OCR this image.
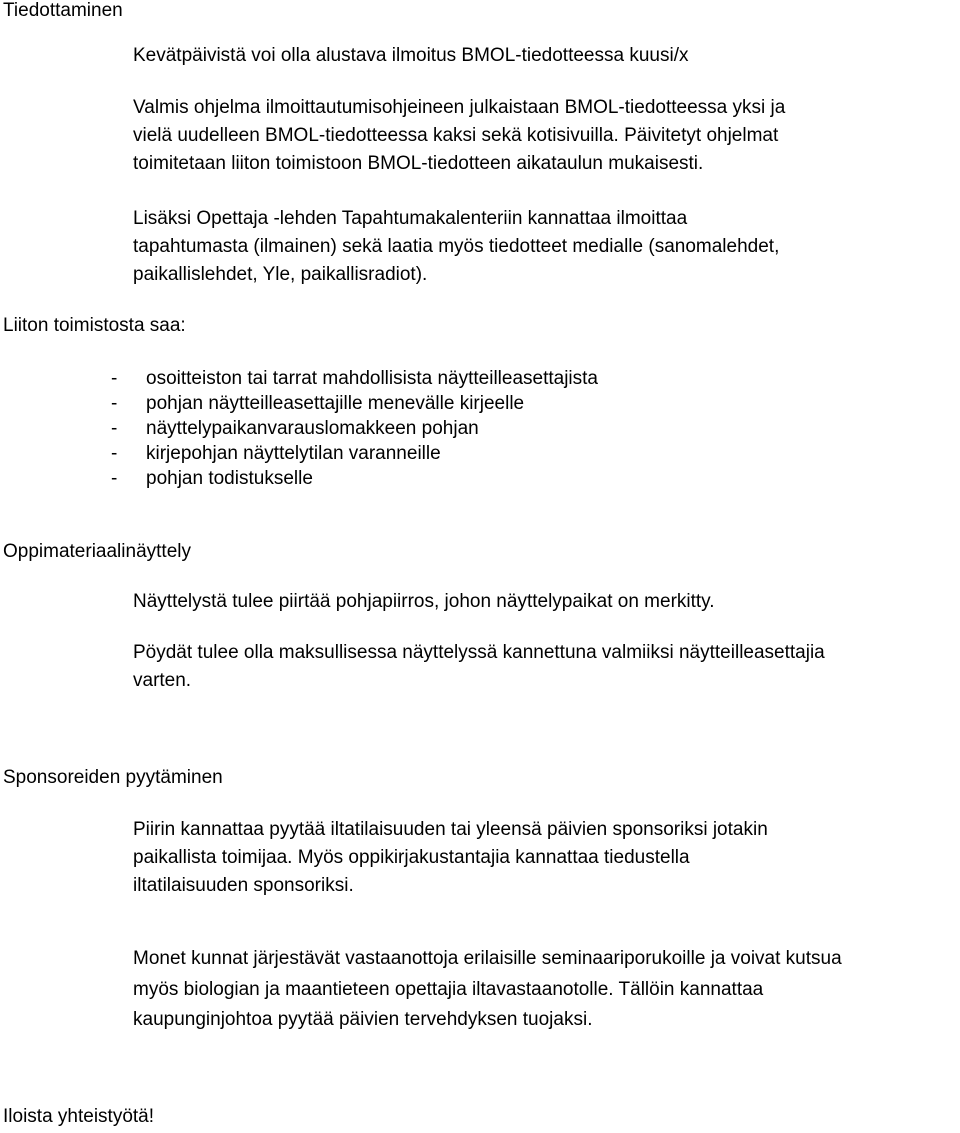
Tiedottaminen
Kevätpäivistä voi olla alustava ilmoitus BMOL-tiedotteessa kuusi/x
Valmis ohjelma ilmoittautumisohjeineen julkaistaan BMOL-tiedotteessa yksi ja
vielä uudelleen BMOL-tiedotteessa kaksi sekä kotisivuilla. Päivitetyt ohjelmat
toimitetaan liiton toimistoon BMOL-tiedotteen aikataulun mukaisesti.
Lisäksi Opettaja -lehden Tapahtumakalenteriin kannattaa ilmoittaa
tapahtumasta (ilmainen) sekä laatia myös tiedotteet medialle (sanomalehdet,
paikallislehdet, Yle, paikallisradiot).
Liiton toimistosta saa:
- osoitteiston tai tarrat mahdollisista näytteilleasettajista
- pohjan näytteilleasettajille menevälle kirjeelle
- näyttelypaikanvarauslomakkeen pohjan
- kirjepohjan näyttelytilan varanneille
- pohjan todistukselle
Oppimateriaalinäyttely
Näyttelystä tulee piirtää pohjapiirros, johon näyttelypaikat on merkitty.
Pöydät tulee olla maksullisessa näyttelyssä kannettuna valmiiksi näytteilleasettajia
varten.
Sponsoreiden pyytäminen
Piirin kannattaa pyytää iltatilaisuuden tai yleensä päivien sponsoriksi jotakin
paikallista toimijaa. Myös oppikirjakustantajia kannattaa tiedustella
iltatilaisuuden sponsoriksi.
Monet kunnat järjestävät vastaanottoja erilaisille seminaariporukoille ja voivat kutsua
myös biologian ja maantieteen opettajia iltavastaanotolle. Tällöin kannattaa
kaupunginjohtoa pyytää päivien tervehdyksen tuojaksi.
Iloista yhteistyötä!
